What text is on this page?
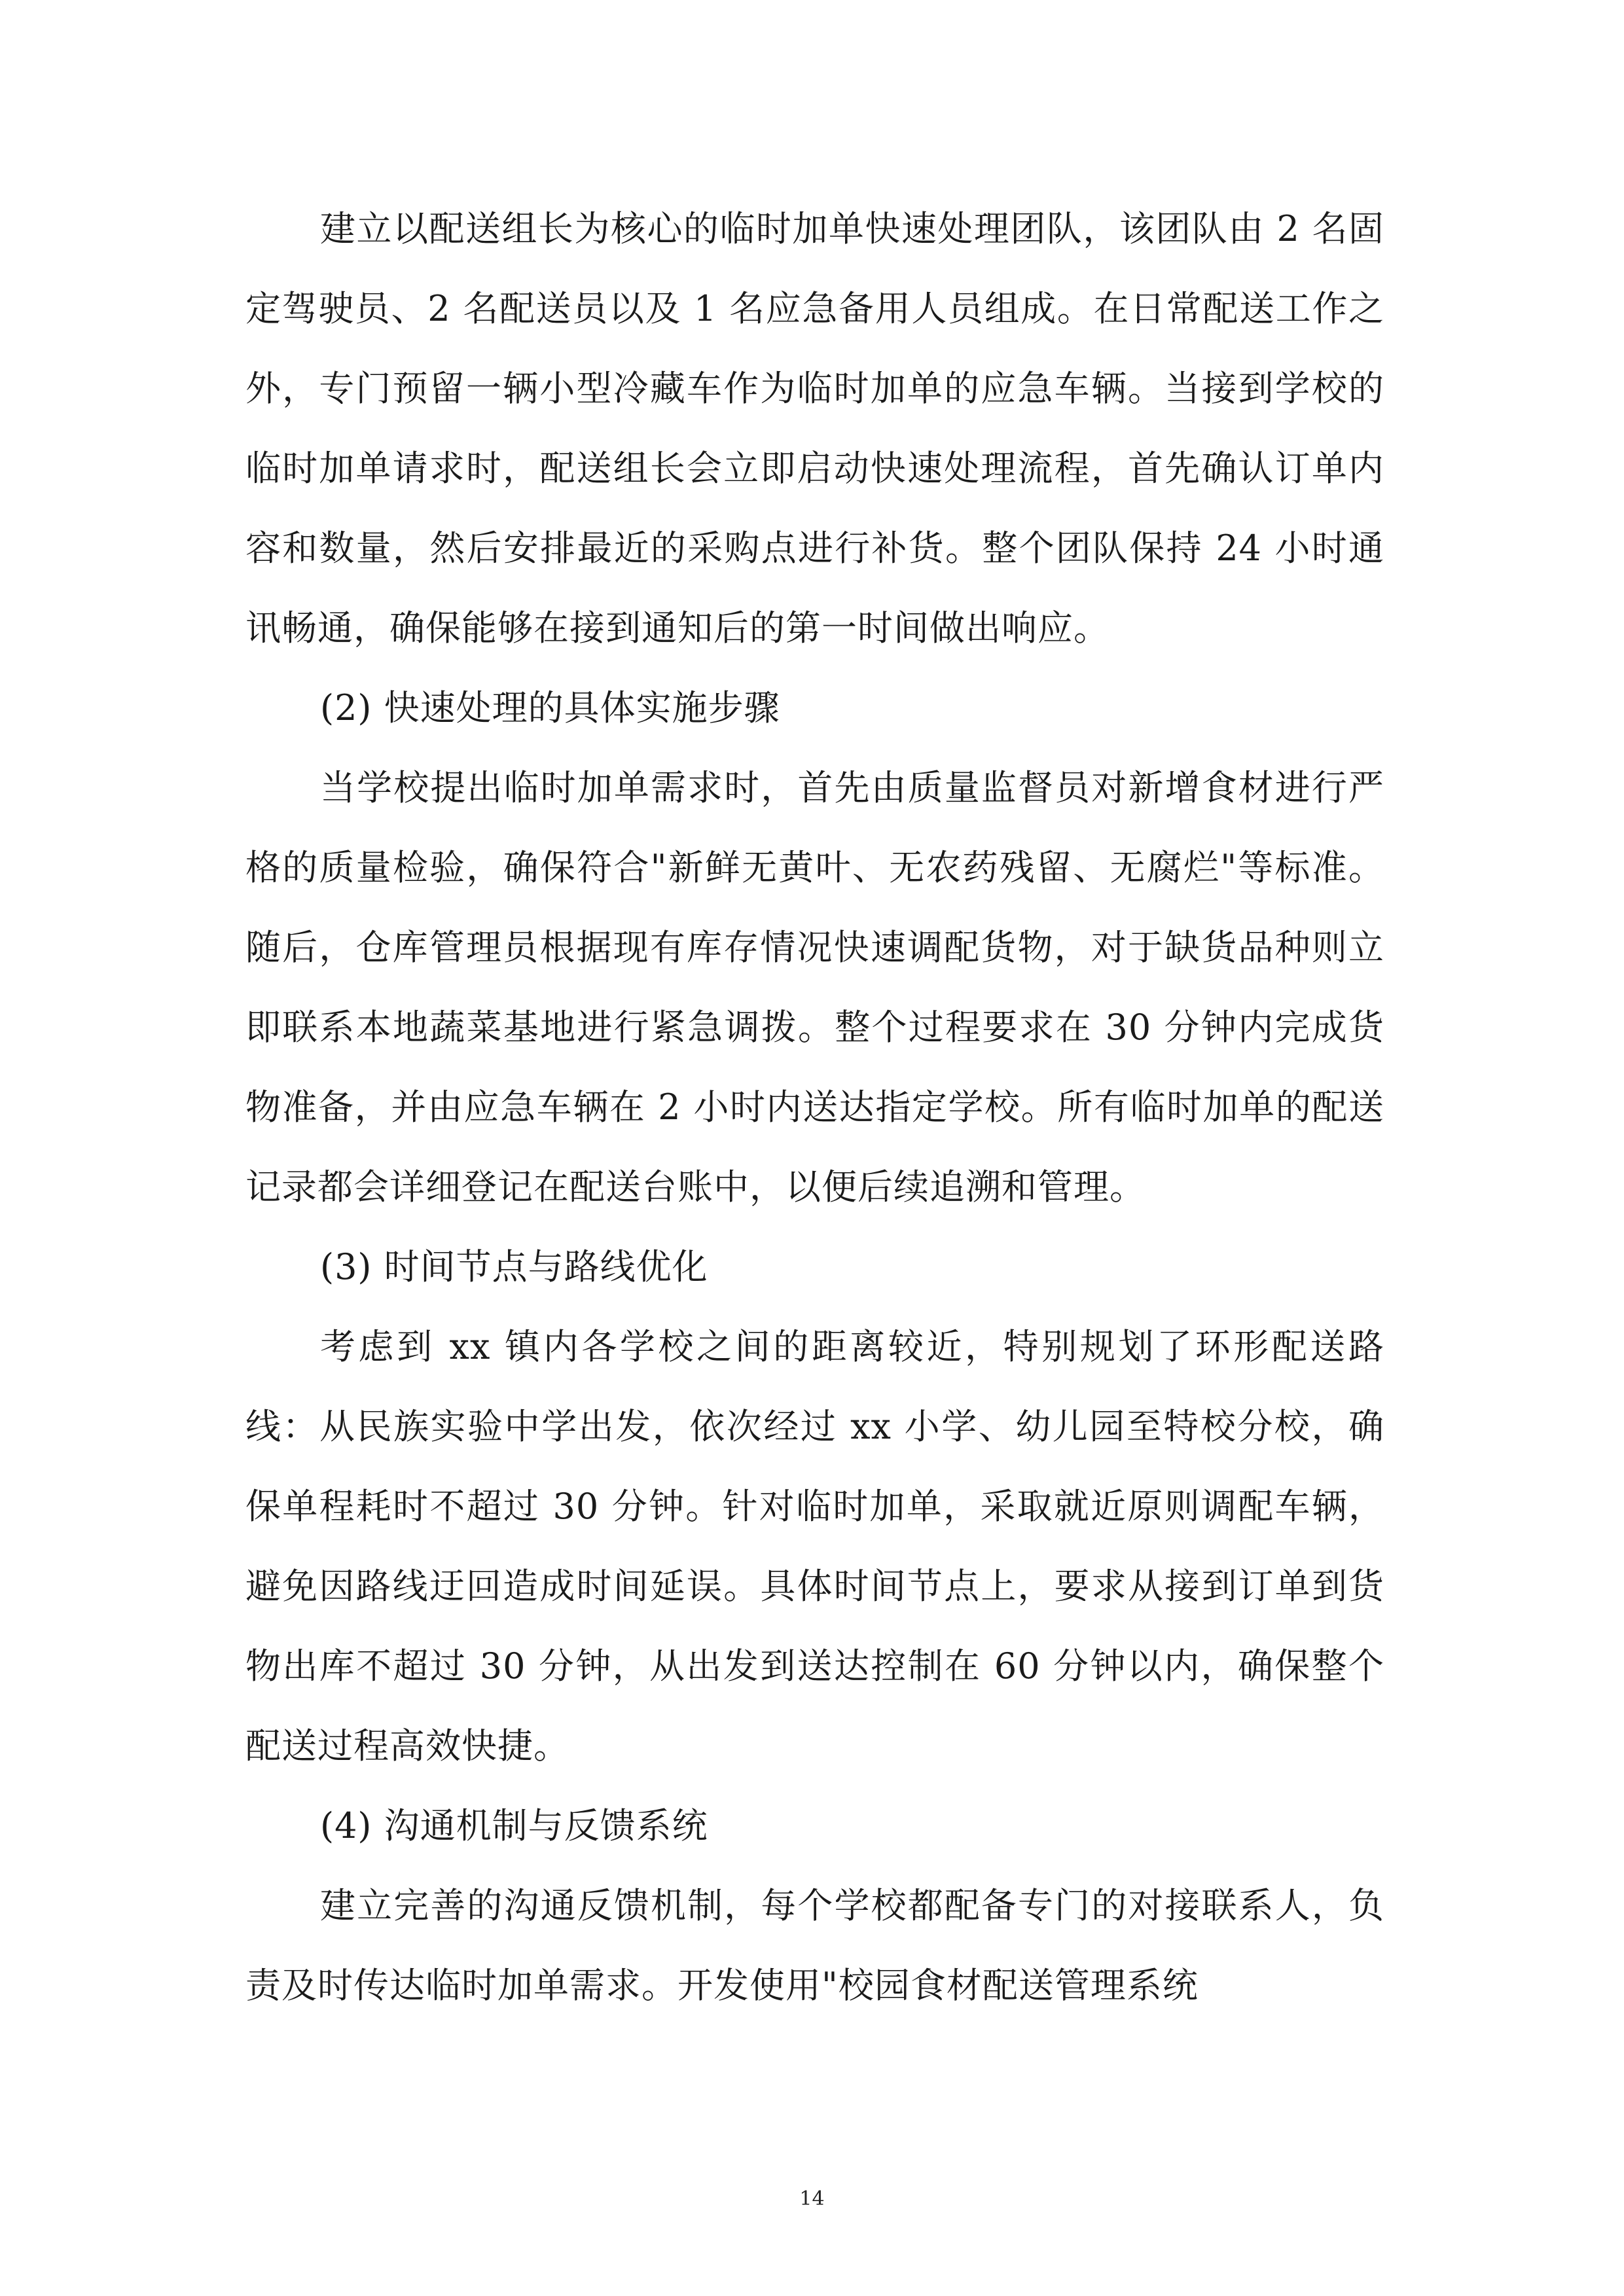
建立以配送组长为核心的临时加单快速处理团队，该团队由 2 名固定驾驶员、2 名配送员以及 1 名应急备用人员组成。在日常配送工作之外，专门预留一辆小型冷藏车作为临时加单的应急车辆。当接到学校的临时加单请求时，配送组长会立即启动快速处理流程，首先确认订单内容和数量，然后安排最近的采购点进行补货。整个团队保持 24 小时通讯畅通，确保能够在接到通知后的第一时间做出响应。

(2) 快速处理的具体实施步骤

当学校提出临时加单需求时，首先由质量监督员对新增食材进行严格的质量检验，确保符合"新鲜无黄叶、无农药残留、无腐烂"等标准。随后，仓库管理员根据现有库存情况快速调配货物，对于缺货品种则立即联系本地蔬菜基地进行紧急调拨。整个过程要求在 30 分钟内完成货物准备，并由应急车辆在 2 小时内送达指定学校。所有临时加单的配送记录都会详细登记在配送台账中，以便后续追溯和管理。

(3) 时间节点与路线优化

考虑到 xx 镇内各学校之间的距离较近，特别规划了环形配送路线：从民族实验中学出发，依次经过 xx 小学、幼儿园至特校分校，确保单程耗时不超过 30 分钟。针对临时加单，采取就近原则调配车辆，避免因路线迂回造成时间延误。具体时间节点上，要求从接到订单到货物出库不超过 30 分钟，从出发到送达控制在 60 分钟以内，确保整个配送过程高效快捷。

(4) 沟通机制与反馈系统

建立完善的沟通反馈机制，每个学校都配备专门的对接联系人，负责及时传达临时加单需求。开发使用"校园食材配送管理系统

14
